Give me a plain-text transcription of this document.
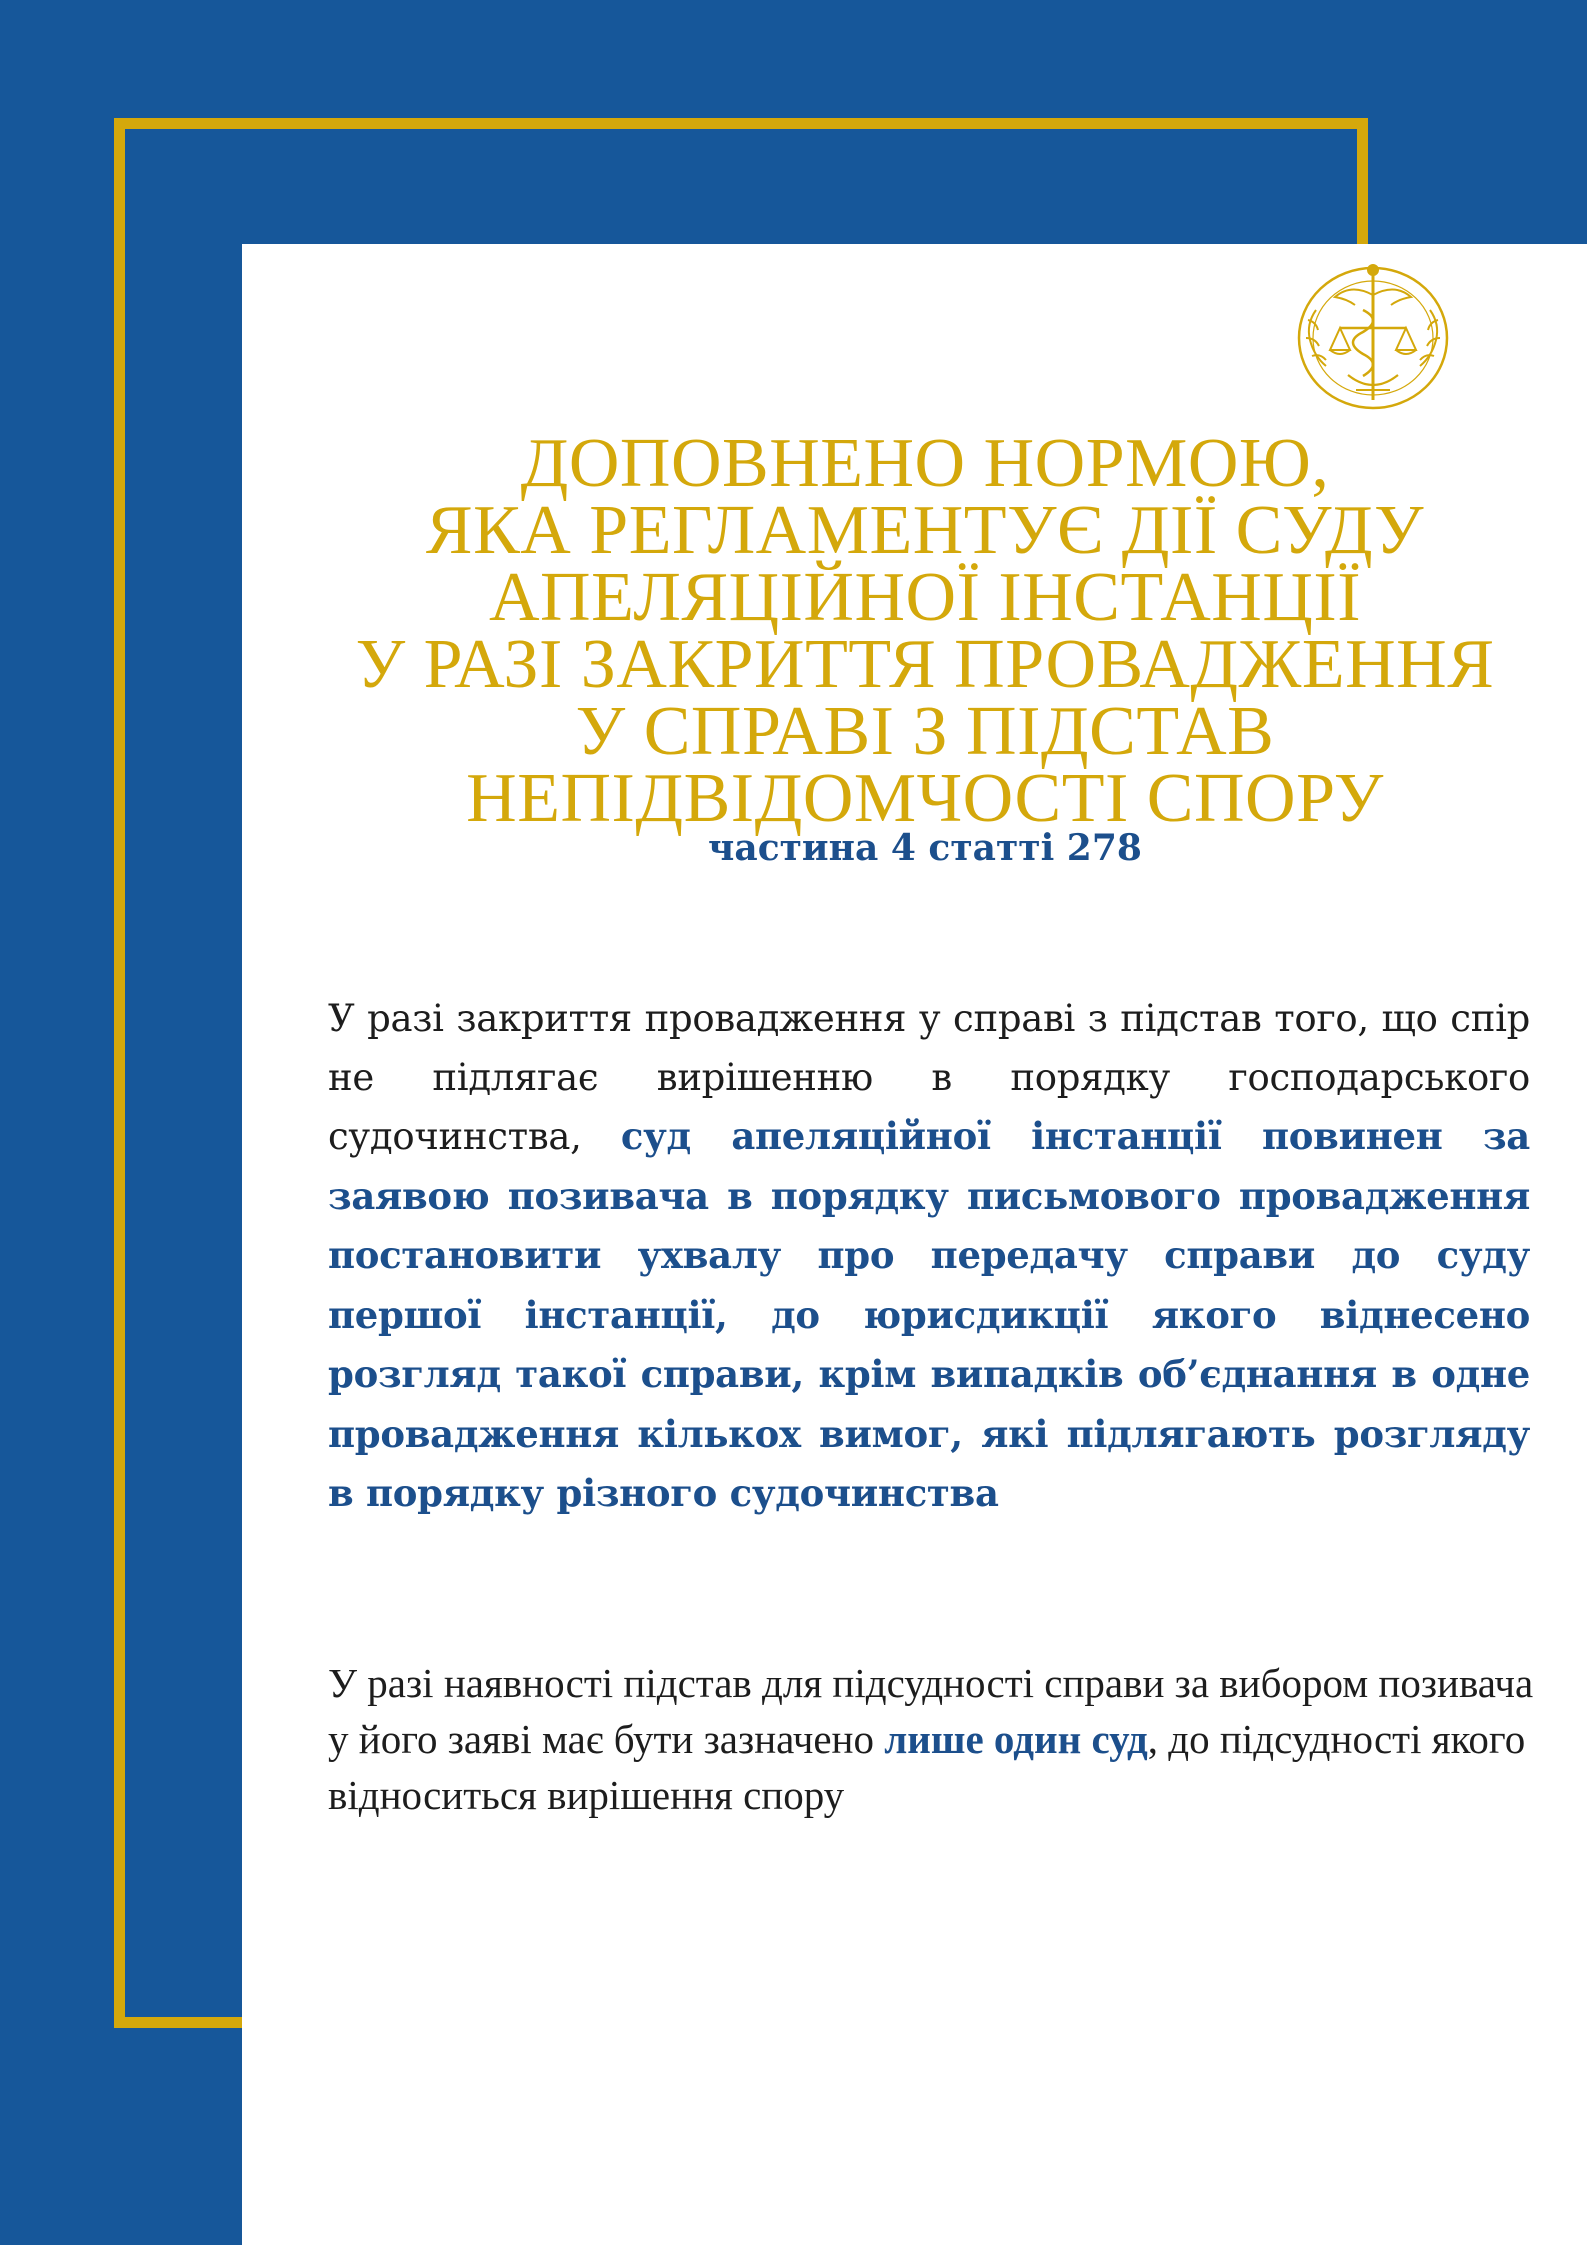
ДОПОВНЕНО НОРМОЮ,
ЯКА РЕГЛАМЕНТУЄ ДІЇ СУДУ
АПЕЛЯЦІЙНОЇ ІНСТАНЦІЇ
У РАЗІ ЗАКРИТТЯ ПРОВАДЖЕННЯ
У СПРАВІ З ПІДСТАВ
НЕПІДВІДОМЧОСТІ СПОРУ
частина 4 статті 278

У разі закриття провадження у справі з підстав того, що спір не підлягає вирішенню в порядку господарського судочинства, суд апеляційної інстанції повинен за заявою позивача в порядку письмового провадження постановити ухвалу про передачу справи до суду першої інстанції, до юрисдикції якого віднесено розгляд такої справи, крім випадків об’єднання в одне провадження кількох вимог, які підлягають розгляду в порядку різного судочинства

У разі наявності підстав для підсудності справи за вибором позивача у його заяві має бути зазначено лише один суд, до підсудності якого відноситься вирішення спору
